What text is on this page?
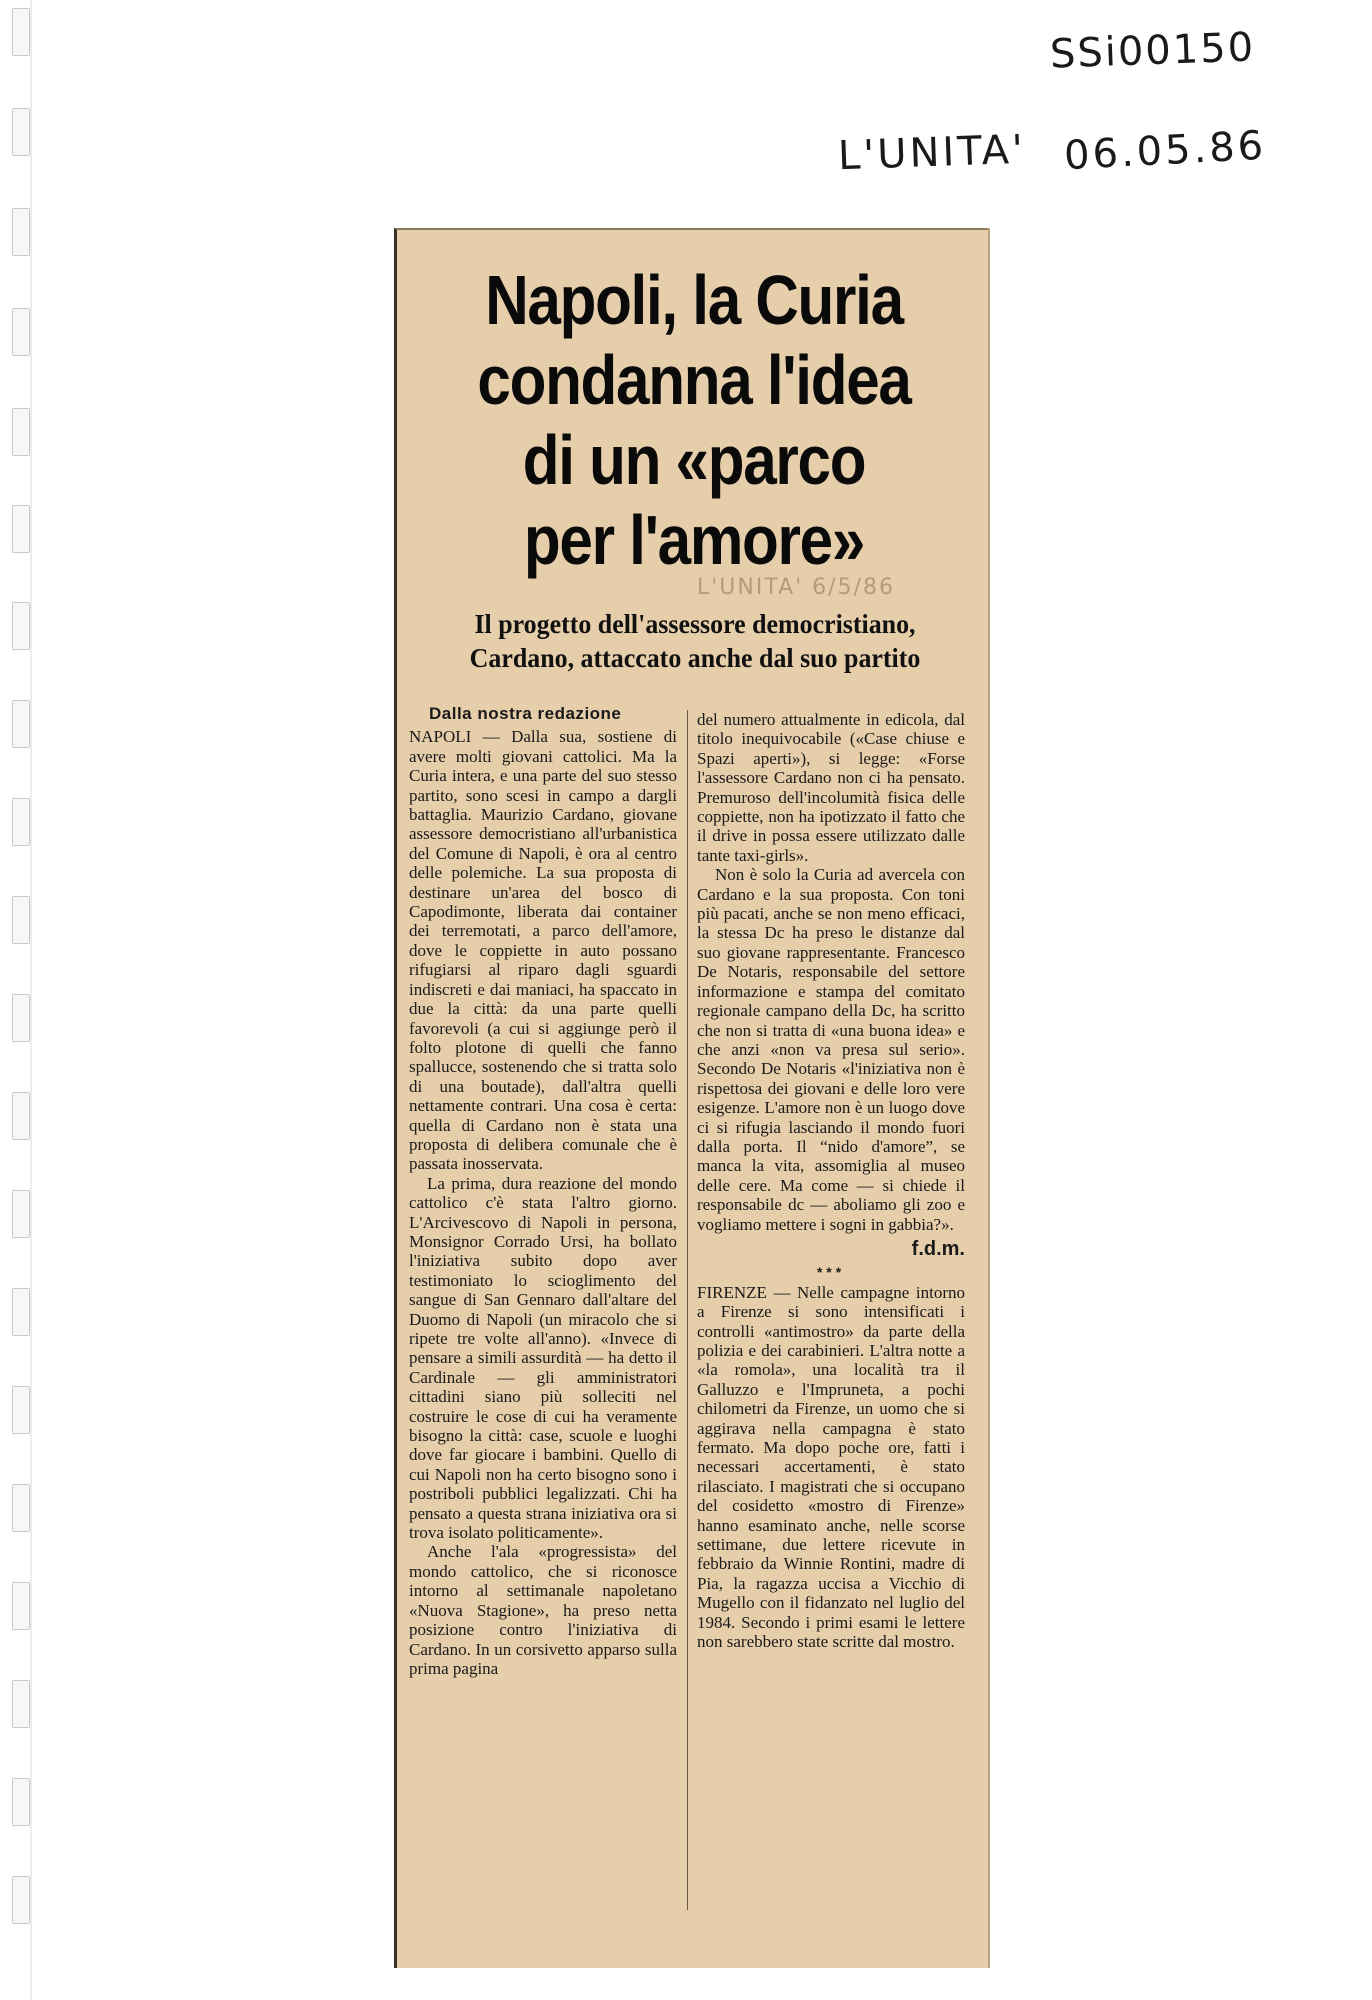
SSi00150
L'UNITA' 06.05.86
Napoli, la Curia
condanna l'idea
di un «parco
per l'amore»
L'UNITA' 6/5/86
Il progetto dell'assessore democristiano,
Cardano, attaccato anche dal suo partito
Dalla nostra redazione

NAPOLI — Dalla sua, sostiene di avere molti giovani cattolici. Ma la Curia intera, e una parte del suo stesso partito, sono scesi in campo a dargli battaglia. Maurizio Cardano, giovane assessore democristiano all'urbanistica del Comune di Napoli, è ora al centro delle polemiche. La sua proposta di destinare un'area del bosco di Capodimonte, liberata dai container dei terremotati, a parco dell'amore, dove le coppiette in auto possano rifugiarsi al riparo dagli sguardi indiscreti e dai maniaci, ha spaccato in due la città: da una parte quelli favorevoli (a cui si aggiunge però il folto plotone di quelli che fanno spallucce, sostenendo che si tratta solo di una boutade), dall'altra quelli nettamente contrari. Una cosa è certa: quella di Cardano non è stata una proposta di delibera comunale che è passata inosservata.

La prima, dura reazione del mondo cattolico c'è stata l'altro giorno. L'Arcivescovo di Napoli in persona, Monsignor Corrado Ursi, ha bollato l'iniziativa subito dopo aver testimoniato lo scioglimento del sangue di San Gennaro dall'altare del Duomo di Napoli (un miracolo che si ripete tre volte all'anno). «Invece di pensare a simili assurdità — ha detto il Cardinale — gli amministratori cittadini siano più solleciti nel costruire le cose di cui ha veramente bisogno la città: case, scuole e luoghi dove far giocare i bambini. Quello di cui Napoli non ha certo bisogno sono i postriboli pubblici legalizzati. Chi ha pensato a questa strana iniziativa ora si trova isolato politicamente».

Anche l'ala «progressista» del mondo cattolico, che si riconosce intorno al settimanale napoletano «Nuova Stagione», ha preso netta posizione contro l'iniziativa di Cardano. In un corsivetto apparso sulla prima pagina

del numero attualmente in edicola, dal titolo inequivocabile («Case chiuse e Spazi aperti»), si legge: «Forse l'assessore Cardano non ci ha pensato. Premuroso dell'incolumità fisica delle coppiette, non ha ipotizzato il fatto che il drive in possa essere utilizzato dalle tante taxi-girls».

Non è solo la Curia ad avercela con Cardano e la sua proposta. Con toni più pacati, anche se non meno efficaci, la stessa Dc ha preso le distanze dal suo giovane rappresentante. Francesco De Notaris, responsabile del settore informazione e stampa del comitato regionale campano della Dc, ha scritto che non si tratta di «una buona idea» e che anzi «non va presa sul serio». Secondo De Notaris «l'iniziativa non è rispettosa dei giovani e delle loro vere esigenze. L'amore non è un luogo dove ci si rifugia lasciando il mondo fuori dalla porta. Il “nido d'amore”, se manca la vita, assomiglia al museo delle cere. Ma come — si chiede il responsabile dc — aboliamo gli zoo e vogliamo mettere i sogni in gabbia?».

f.d.m.
***

FIRENZE — Nelle campagne intorno a Firenze si sono intensificati i controlli «antimostro» da parte della polizia e dei carabinieri. L'altra notte a «la romola», una località tra il Galluzzo e l'Impruneta, a pochi chilometri da Firenze, un uomo che si aggirava nella campagna è stato fermato. Ma dopo poche ore, fatti i necessari accertamenti, è stato rilasciato. I magistrati che si occupano del cosidetto «mostro di Firenze» hanno esaminato anche, nelle scorse settimane, due lettere ricevute in febbraio da Winnie Rontini, madre di Pia, la ragazza uccisa a Vicchio di Mugello con il fidanzato nel luglio del 1984. Secondo i primi esami le lettere non sarebbero state scritte dal mostro.
